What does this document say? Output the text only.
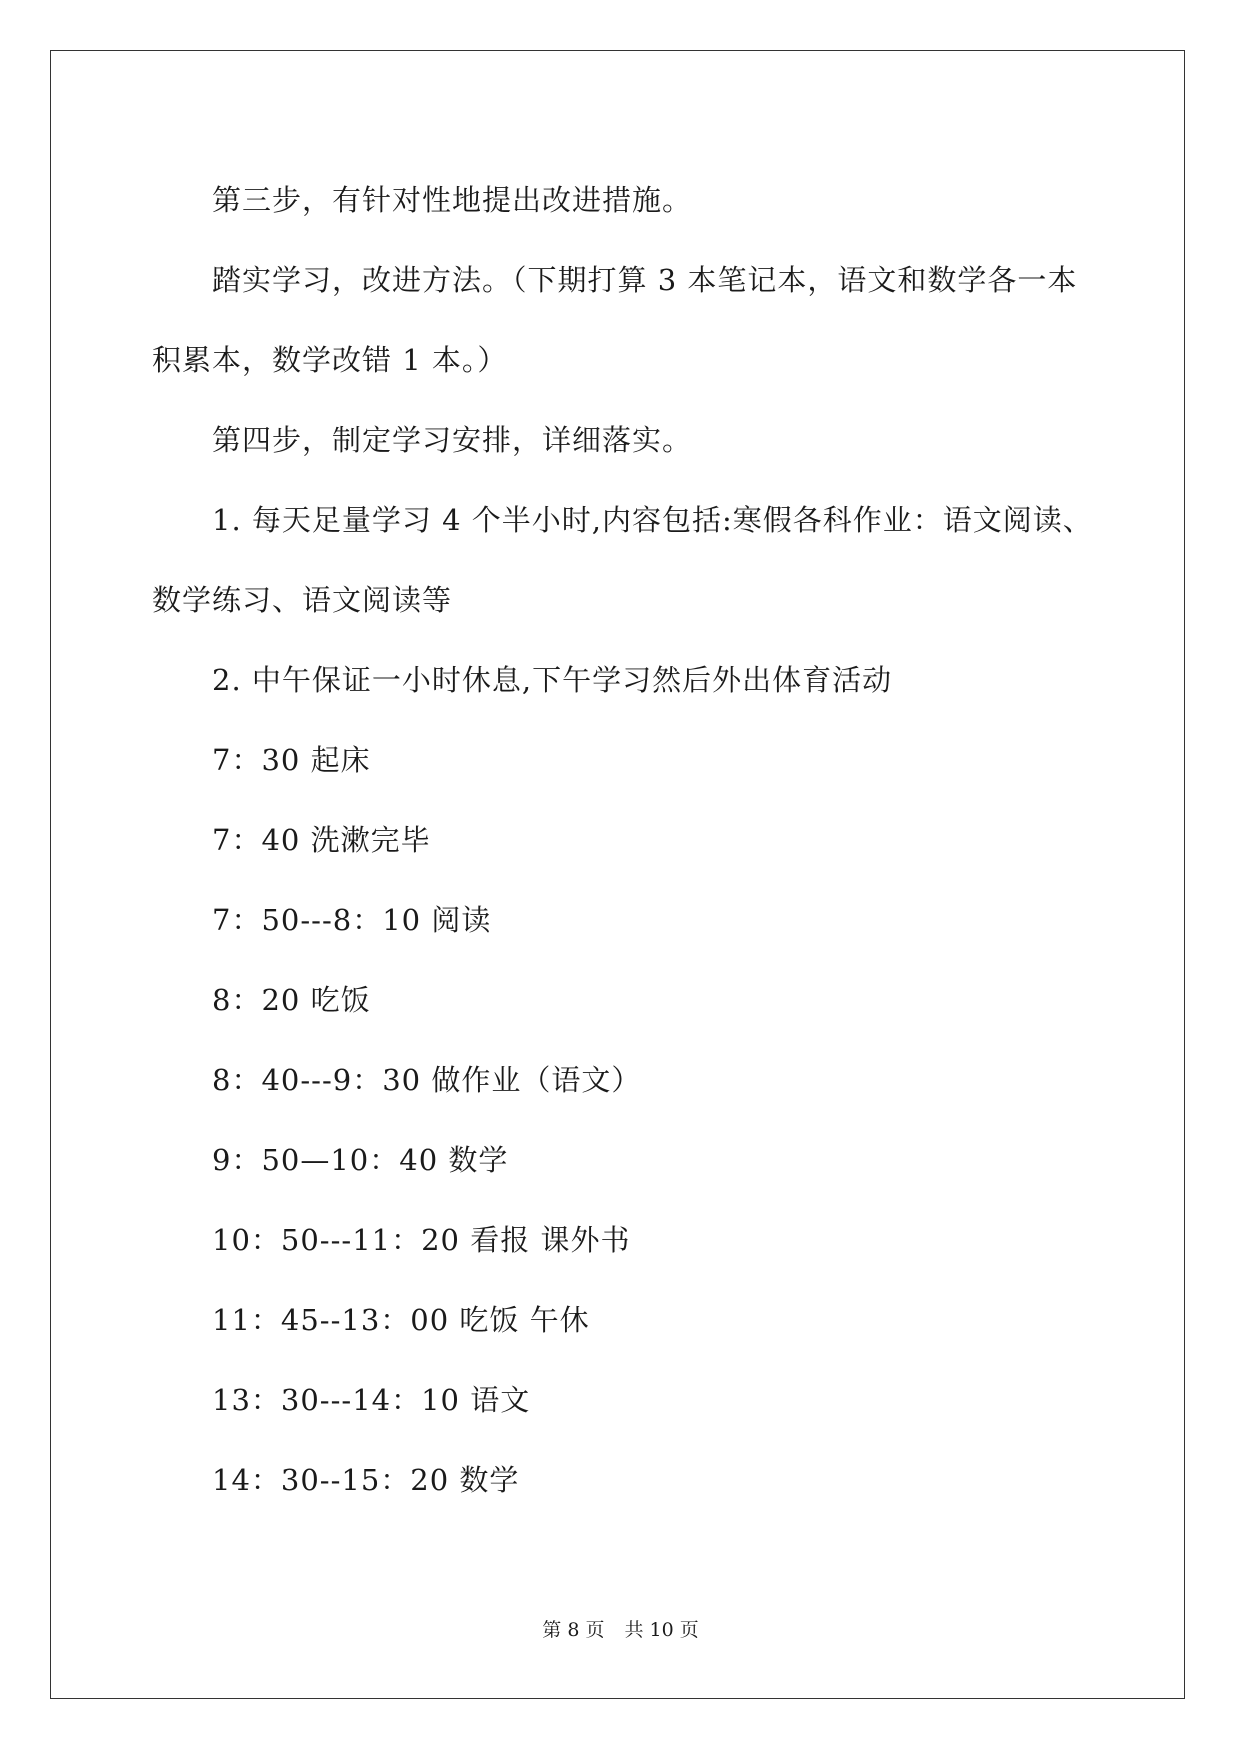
第三步，有针对性地提出改进措施。

踏实学习，改进方法。（下期打算 3 本笔记本，语文和数学各一本

积累本，数学改错 1 本。）

第四步，制定学习安排，详细落实。

1. 每天足量学习 4 个半小时,内容包括:寒假各科作业：语文阅读、

数学练习、语文阅读等

2. 中午保证一小时休息,下午学习然后外出体育活动

7：30 起床

7：40 洗漱完毕

7：50---8：10 阅读

8：20 吃饭

8：40---9：30 做作业（语文）

9：50—10：40 数学

10：50---11：20 看报 课外书

11：45--13：00 吃饭 午休

13：30---14：10 语文

14：30--15：20 数学

第 8 页 共 10 页
